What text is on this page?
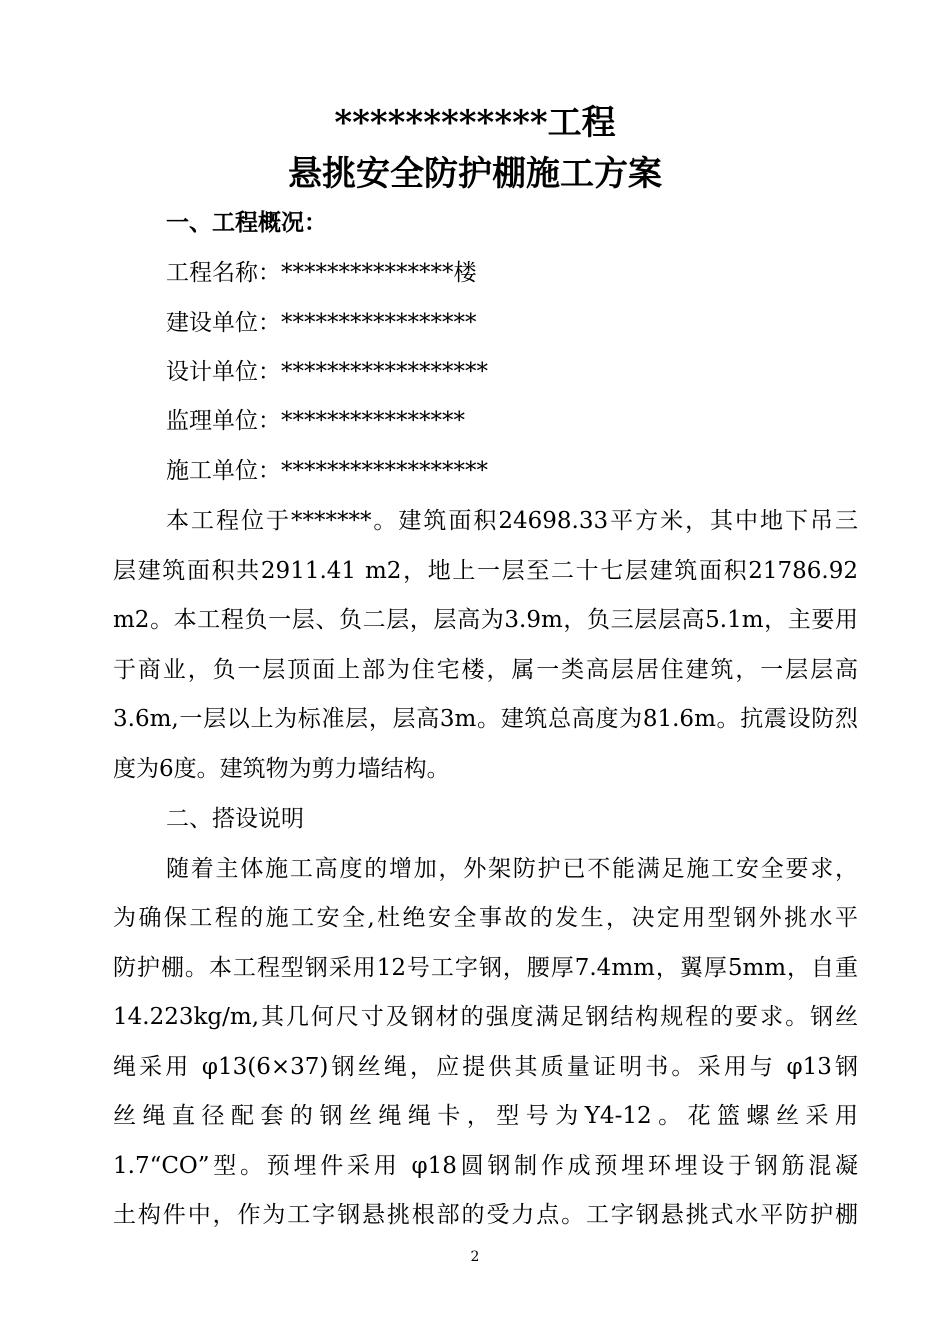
************工程
悬挑安全防护棚施工方案
一、工程概况：
工程名称：***************楼
建设单位：*****************
设计单位：******************
监理单位：****************
施工单位：******************
本工程位于*******。建筑面积24698.33平方米，其中地下吊三
层建筑面积共2911.41 m2，地上一层至二十七层建筑面积21786.92
m2。本工程负一层、负二层，层高为3.9m，负三层层高5.1m，主要用
于商业，负一层顶面上部为住宅楼，属一类高层居住建筑，一层层高
3.6m,一层以上为标准层，层高3m。建筑总高度为81.6m。抗震设防烈
度为6度。建筑物为剪力墙结构。
二、搭设说明
随着主体施工高度的增加，外架防护已不能满足施工安全要求，
为确保工程的施工安全,杜绝安全事故的发生，决定用型钢外挑水平
防护棚。本工程型钢采用12号工字钢，腰厚7.4mm，翼厚5mm，自重
14.223kg/m,其几何尺寸及钢材的强度满足钢结构规程的要求。钢丝
绳采用 φ13(6×37)钢丝绳，应提供其质量证明书。采用与 φ13钢
丝绳直径配套的钢丝绳绳卡，型号为Y4-12。花篮螺丝采用
1.7“CO”型。预埋件采用 φ18圆钢制作成预埋环埋设于钢筋混凝
土构件中，作为工字钢悬挑根部的受力点。工字钢悬挑式水平防护棚
2
